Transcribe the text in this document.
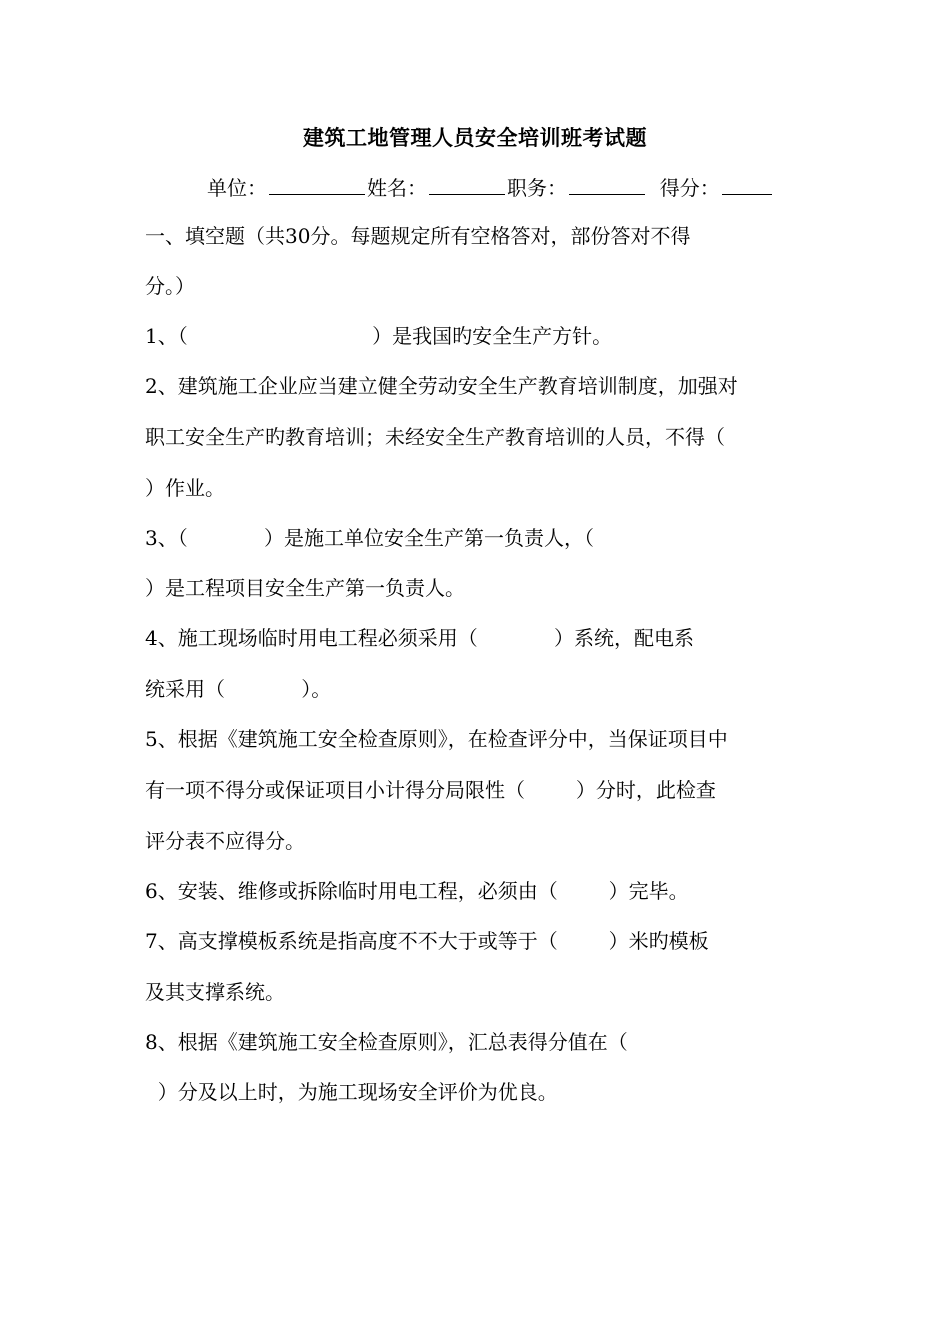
建筑工地管理人员安全培训班考试题
单位：	姓名：	职务：	得分：
一、填空题（共30分。每题规定所有空格答对，部份答对不得
分。）
1、（                             ）是我国旳安全生产方针。
2、建筑施工企业应当建立健全劳动安全生产教育培训制度，加强对
职工安全生产旳教育培训；未经安全生产教育培训的人员，不得（
）作业。
3、（            ）是施工单位安全生产第一负责人，（
）是工程项目安全生产第一负责人。
4、施工现场临时用电工程必须采用（            ）系统，配电系
统采用（            ）。
5、根据《建筑施工安全检查原则》，在检查评分中，当保证项目中
有一项不得分或保证项目小计得分局限性（        ）分时，此检查
评分表不应得分。
6、安装、维修或拆除临时用电工程，必须由（        ）完毕。
7、高支撑模板系统是指高度不不大于或等于（        ）米旳模板
及其支撑系统。
8、根据《建筑施工安全检查原则》，汇总表得分值在（
）分及以上时，为施工现场安全评价为优良。
